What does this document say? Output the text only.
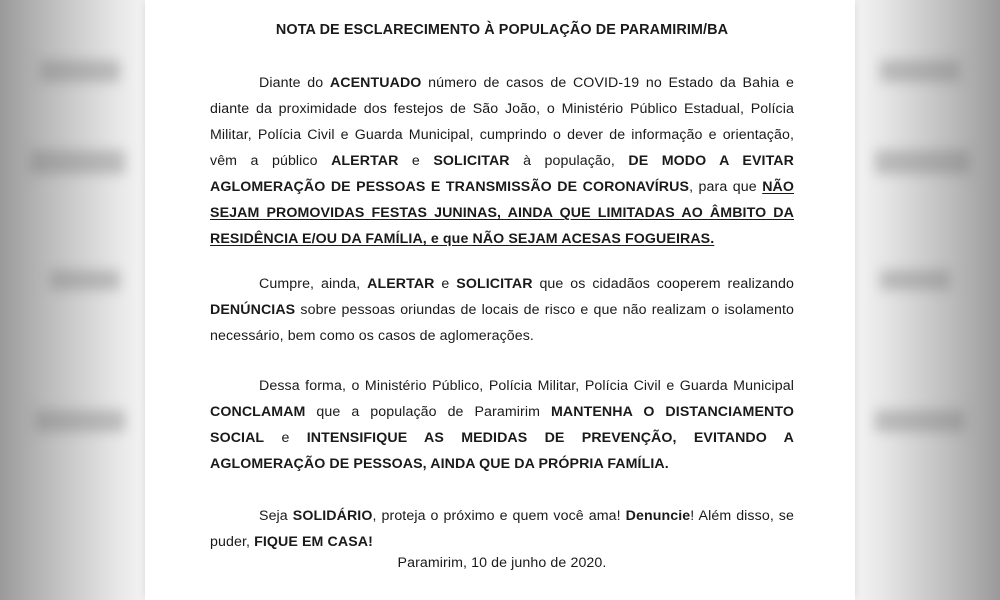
NOTA DE ESCLARECIMENTO À POPULAÇÃO DE PARAMIRIM/BA

Diante do ACENTUADO número de casos de COVID-19 no Estado da Bahia e diante da proximidade dos festejos de São João, o Ministério Público Estadual, Polícia Militar, Polícia Civil e Guarda Municipal, cumprindo o dever de informação e orientação, vêm a público ALERTAR e SOLICITAR à população, DE MODO A EVITAR AGLOMERAÇÃO DE PESSOAS E TRANSMISSÃO DE CORONAVÍRUS, para que NÃO SEJAM PROMOVIDAS FESTAS JUNINAS, AINDA QUE LIMITADAS AO ÂMBITO DA RESIDÊNCIA E/OU DA FAMÍLIA, e que NÃO SEJAM ACESAS FOGUEIRAS.

Cumpre, ainda, ALERTAR e SOLICITAR que os cidadãos cooperem realizando DENÚNCIAS sobre pessoas oriundas de locais de risco e que não realizam o isolamento necessário, bem como os casos de aglomerações.

Dessa forma, o Ministério Público, Polícia Militar, Polícia Civil e Guarda Municipal CONCLAMAM que a população de Paramirim MANTENHA O DISTANCIAMENTO SOCIAL e INTENSIFIQUE AS MEDIDAS DE PREVENÇÃO, EVITANDO A AGLOMERAÇÃO DE PESSOAS, AINDA QUE DA PRÓPRIA FAMÍLIA.

Seja SOLIDÁRIO, proteja o próximo e quem você ama! Denuncie! Além disso, se puder, FIQUE EM CASA!

Paramirim, 10 de junho de 2020.
